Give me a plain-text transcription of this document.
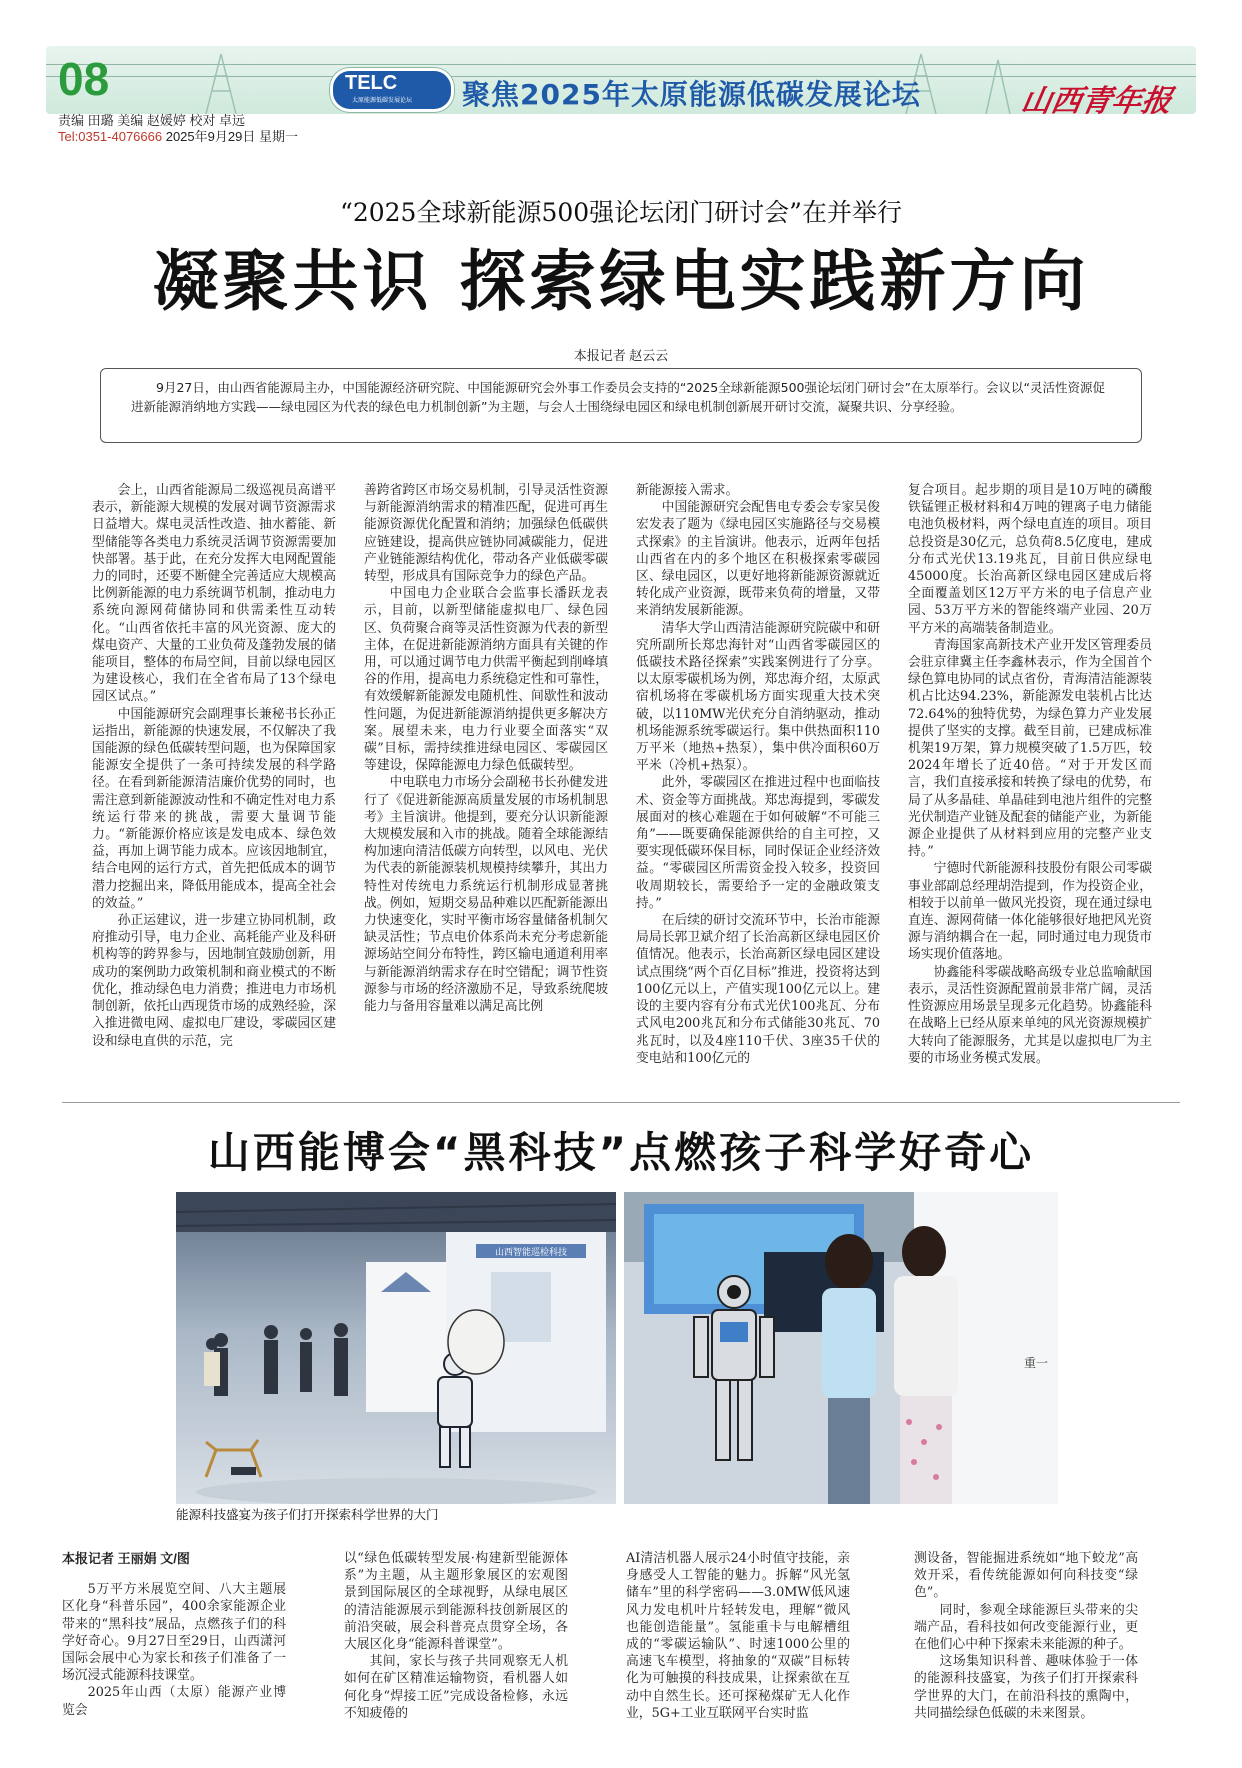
08
责编 田璐 美编 赵媛婷 校对 卓远
Tel:0351-4076666 2025年9月29日 星期一
TELC
太原能源低碳发展论坛 聚焦2025年太原能源低碳发展论坛	山西青年报
“2025全球新能源500强论坛闭门研讨会”在并举行
凝聚共识 探索绿电实践新方向
本报记者 赵云云
9月27日，由山西省能源局主办，中国能源经济研究院、中国能源研究会外事工作委员会支持的“2025全球新能源500强论坛闭门研讨会”在太原举行。会议以“灵活性资源促进新能源消纳地方实践——绿电园区为代表的绿色电力机制创新”为主题，与会人士围绕绿电园区和绿电机制创新展开研讨交流，凝聚共识、分享经验。

会上，山西省能源局二级巡视员高谱平表示，新能源大规模的发展对调节资源需求日益增大。煤电灵活性改造、抽水蓄能、新型储能等各类电力系统灵活调节资源需要加快部署。基于此，在充分发挥大电网配置能力的同时，还要不断健全完善适应大规模高比例新能源的电力系统调节机制，推动电力系统向源网荷储协同和供需柔性互动转化。“山西省依托丰富的风光资源、庞大的煤电资产、大量的工业负荷及蓬勃发展的储能项目，整体的布局空间，目前以绿电园区为建设核心，我们在全省布局了13个绿电园区试点。”

中国能源研究会副理事长兼秘书长孙正运指出，新能源的快速发展，不仅解决了我国能源的绿色低碳转型问题，也为保障国家能源安全提供了一条可持续发展的科学路径。在看到新能源清洁廉价优势的同时，也需注意到新能源波动性和不确定性对电力系统运行带来的挑战，需要大量调节能力。“新能源价格应该是发电成本、绿色效益，再加上调节能力成本。应该因地制宜，结合电网的运行方式，首先把低成本的调节潜力挖掘出来，降低用能成本，提高全社会的效益。”

孙正运建议，进一步建立协同机制，政府推动引导，电力企业、高耗能产业及科研机构等的跨界参与，因地制宜鼓励创新，用成功的案例助力政策机制和商业模式的不断优化，推动绿色电力消费；推进电力市场机制创新，依托山西现货市场的成熟经验，深入推进微电网、虚拟电厂建设，零碳园区建设和绿电直供的示范，完

善跨省跨区市场交易机制，引导灵活性资源与新能源消纳需求的精准匹配，促进可再生能源资源优化配置和消纳；加强绿色低碳供应链建设，提高供应链协同减碳能力，促进产业链能源结构优化，带动各产业低碳零碳转型，形成具有国际竞争力的绿色产品。

中国电力企业联合会监事长潘跃龙表示，目前，以新型储能虚拟电厂、绿色园区、负荷聚合商等灵活性资源为代表的新型主体，在促进新能源消纳方面具有关键的作用，可以通过调节电力供需平衡起到削峰填谷的作用，提高电力系统稳定性和可靠性，有效缓解新能源发电随机性、间歇性和波动性问题，为促进新能源消纳提供更多解决方案。展望未来，电力行业要全面落实“双碳”目标，需持续推进绿电园区、零碳园区等建设，保障能源电力绿色低碳转型。

中电联电力市场分会副秘书长孙健发进行了《促进新能源高质量发展的市场机制思考》主旨演讲。他提到，要充分认识新能源大规模发展和入市的挑战。随着全球能源结构加速向清洁低碳方向转型，以风电、光伏为代表的新能源装机规模持续攀升，其出力特性对传统电力系统运行机制形成显著挑战。例如，短期交易品种难以匹配新能源出力快速变化，实时平衡市场容量储备机制欠缺灵活性；节点电价体系尚未充分考虑新能源场站空间分布特性，跨区输电通道利用率与新能源消纳需求存在时空错配；调节性资源参与市场的经济激励不足，导致系统爬坡能力与备用容量难以满足高比例

新能源接入需求。

中国能源研究会配售电专委会专家吴俊宏发表了题为《绿电园区实施路径与交易模式探索》的主旨演讲。他表示，近两年包括山西省在内的多个地区在积极探索零碳园区、绿电园区，以更好地将新能源资源就近转化成产业资源，既带来负荷的增量，又带来消纳发展新能源。

清华大学山西清洁能源研究院碳中和研究所副所长郑忠海针对“山西省零碳园区的低碳技术路径探索”实践案例进行了分享。以太原零碳机场为例，郑忠海介绍，太原武宿机场将在零碳机场方面实现重大技术突破，以110MW光伏充分自消纳驱动，推动机场能源系统零碳运行。集中供热面积110万平米（地热+热泵），集中供冷面积60万平米（冷机+热泵）。

此外，零碳园区在推进过程中也面临技术、资金等方面挑战。郑忠海提到，零碳发展面对的核心难题在于如何破解“不可能三角”——既要确保能源供给的自主可控，又要实现低碳环保目标，同时保证企业经济效益。“零碳园区所需资金投入较多，投资回收周期较长，需要给予一定的金融政策支持。”

在后续的研讨交流环节中，长治市能源局局长郭卫斌介绍了长治高新区绿电园区价值情况。他表示，长治高新区绿电园区建设试点围绕“两个百亿目标”推进，投资将达到100亿元以上，产值实现100亿元以上。建设的主要内容有分布式光伏100兆瓦、分布式风电200兆瓦和分布式储能30兆瓦、70兆瓦时，以及4座110千伏、3座35千伏的变电站和100亿元的

复合项目。起步期的项目是10万吨的磷酸铁锰锂正极材料和4万吨的锂离子电力储能电池负极材料，两个绿电直连的项目。项目总投资是30亿元，总负荷8.5亿度电，建成分布式光伏13.19兆瓦，目前日供应绿电45000度。长治高新区绿电园区建成后将全面覆盖划区12万平方米的电子信息产业园、53万平方米的智能终端产业园、20万平方米的高端装备制造业。

青海国家高新技术产业开发区管理委员会驻京律冀主任李鑫林表示，作为全国首个绿色算电协同的试点省份，青海清洁能源装机占比达94.23%，新能源发电装机占比达72.64%的独特优势，为绿色算力产业发展提供了坚实的支撑。截至目前，已建成标准机架19万架，算力规模突破了1.5万匹，较2024年增长了近40倍。“对于开发区而言，我们直接承接和转换了绿电的优势，布局了从多晶硅、单晶硅到电池片组件的完整光伏制造产业链及配套的储能产业，为新能源企业提供了从材料到应用的完整产业支持。”

宁德时代新能源科技股份有限公司零碳事业部副总经理胡浩提到，作为投资企业，相较于以前单一做风光投资，现在通过绿电直连、源网荷储一体化能够很好地把风光资源与消纳耦合在一起，同时通过电力现货市场实现价值落地。

协鑫能科零碳战略高级专业总监喻献国表示，灵活性资源配置前景非常广阔，灵活性资源应用场景呈现多元化趋势。协鑫能科在战略上已经从原来单纯的风光资源规模扩大转向了能源服务，尤其是以虚拟电厂为主要的市场业务模式发展。

山西能博会“黑科技”点燃孩子科学好奇心
山西智能巡检科技
重一
能源科技盛宴为孩子们打开探索科学世界的大门
本报记者 王丽娟 文/图

5万平方米展览空间、八大主题展区化身“科普乐园”，400余家能源企业带来的“黑科技”展品，点燃孩子们的科学好奇心。9月27日至29日，山西潇河国际会展中心为家长和孩子们准备了一场沉浸式能源科技课堂。

2025年山西（太原）能源产业博览会

以“绿色低碳转型发展·构建新型能源体系”为主题，从主题形象展区的宏观图景到国际展区的全球视野，从绿电展区的清洁能源展示到能源科技创新展区的前沿突破，展会科普亮点贯穿全场，各大展区化身“能源科普课堂”。

其间，家长与孩子共同观察无人机如何在矿区精准运输物资，看机器人如何化身“焊接工匠”完成设备检修，永远不知疲倦的

AI清洁机器人展示24小时值守技能，亲身感受人工智能的魅力。拆解“风光氢储车”里的科学密码——3.0MW低风速风力发电机叶片轻转发电，理解“微风也能创造能量”。氢能重卡与电解槽组成的“零碳运输队”、时速1000公里的高速飞车模型，将抽象的“双碳”目标转化为可触摸的科技成果，让探索欲在互动中自然生长。还可探秘煤矿无人化作业，5G+工业互联网平台实时监

测设备，智能掘进系统如“地下蛟龙”高效开采，看传统能源如何向科技变“绿色”。

同时，参观全球能源巨头带来的尖端产品，看科技如何改变能源行业，更在他们心中种下探索未来能源的种子。

这场集知识科普、趣味体验于一体的能源科技盛宴，为孩子们打开探索科学世界的大门，在前沿科技的熏陶中，共同描绘绿色低碳的未来图景。
